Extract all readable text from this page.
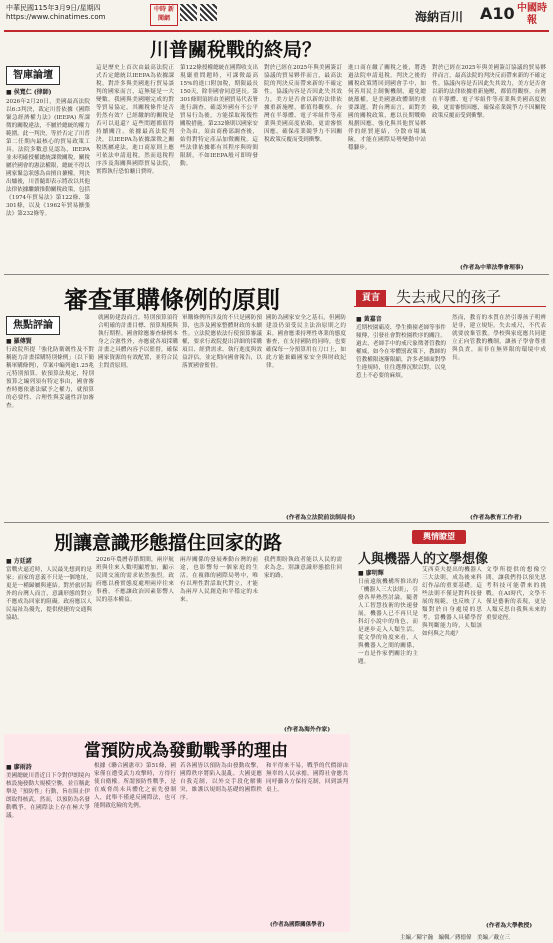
中華民國115年3月9日/星期四
https://www.chinatimes.com
中時 新聞網	海納百川 A10 中國時報
川普關稅戰的終局？
智庫論壇
■ 侯寬仁 (律師)
2026年2月20日，美國最高法院以6:3判決，裁定川普依據《國際緊急經濟權力法》(IEEPA) 所課徵的關稅違法，不屬於總統的權力範圍。此一判決，等於否定了川普第二任期內最核心的貿易政策工具。法院多數意見認為，IEEPA並未明確授權總統課徵關稅，關稅屬於國會的憲法權限，總統不得以國家緊急狀態為由擅自擴權。判決出爐後，川普隨即表示將改以其他法律依據繼續推動關稅政策，包括《1974年貿易法》第122條、第301條，以及《1962年貿易擴張法》第232條等。
這是歷史上首次由最高法院正式否定總統以IEEPA為依據課稅。對許多與美國進行貿易談判的國家而言，這無疑是一大變數。我國與美國剛完成的對等貿易協定，其關稅條件是否仍然有效？已經繳納的關稅是否可以退還？這些問題都值得持續關注。依據最高法院判決，以IEEPA為依據課徵之關稅既屬違法，進口商原則上應可依法申請退稅。然而退稅程序涉及海關與國際貿易法院，實際執行恐怕曠日費時。
第122條授權總統在國際收支出現嚴重問題時，可課徵最高15%的進口附加稅，期限最長150天，除非國會同意延長。第301條則須經由美國貿易代表署進行調查，確認外國有不公平貿易行為後，方能採取報復性關稅措施。第232條則以國家安全為由，須由商務部調查後，始得對特定產品加徵關稅。這些法律依據都有其程序與時間限制，不如IEEPA般可即時發動。
對於已經在2025年與美國簽訂協議的貿易夥伴而言，最高法院的判決反而帶來新的不確定性。協議內容是否因此失其效力，美方是否會以新的法律依據重新施壓，都值得觀察。台灣在半導體、電子零組件等產業與美國高度依賴，更需審慎因應，確保產業競爭力不因關稅政策反覆而受到衝擊。
進口商在繳了關稅之後，將透過法院申請退稅。判決之後的關稅政策將回到國會手中，如何善用民主制衡機制，避免總統濫權，是美國憲政體制的重要課題。對台灣而言，面對美國的關稅政策，應以長期戰略規劃因應，強化與其他貿易夥伴的經貿連結，分散市場風險，才能在國際局勢變動中站穩腳步。
對於已經在2025年與美國簽訂協議的貿易夥伴而言，最高法院的判決反而帶來新的不確定性。協議內容是否因此失其效力，美方是否會以新的法律依據重新施壓，都值得觀察。台灣在半導體、電子零組件等產業與美國高度依賴，更需審慎因應，確保產業競爭力不因關稅政策反覆而受到衝擊。
(作者為中華法學會理事)
審查軍購條例的原則
焦點評論
■ 羅傳賢
行政院所提「強化防衛韌性及不對稱能力計畫採購特別條例」（以下簡稱軍購條例），草案中編列逾1.25兆元特別預算。依預算法規定，特別預算之編列須有特定事由，國會審查時應依憲法賦予之權力，就預算的必要性、合理性與妥適性詳加審查。
就國防建設而言，特別預算須符合明確的計畫目標、預算規模與執行期程。國會除應審查條例本身之合憲性外，亦應就各項採購計畫之具體內容予以監督，確保國家資源的有效配置，並符合民主問責原則。
軍購條例所涉及的不只是國防預算，也涉及國家整體財政的永續性。立法院應依法行使預算審議權，要求行政院提出詳細的採購項目、經費需求、執行進度與效益評估，並定期向國會報告，以落實國會監督。
國防為國家安全之基石，但國防建設仍須受民主法治原則之約束。國會應秉持理性專業的態度審查，在支持國防的同時，也要確保每一分預算用在刀口上，如此方能兼顧國家安全與財政紀律。
(作者為立法院前法制局長)
貢言	失去戒尺的孩子
■ 黃嘉音
近期校園霸凌、學生衝撞老師等事件頻傳，引發社會對校園秩序的關注。過去，老師手中的戒尺象徵著管教的權威，如今在零體罰政策下，教師的管教權限逐漸限縮，許多老師面對學生違規時，往往選擇沉默以對，以免惹上不必要的麻煩。
然而，教育的本質在於引導孩子明辨是非，建立規矩。失去戒尺，不代表就要放棄管教。學校與家庭應共同建立正向管教的機制，讓孩子學會尊重與負責，而非在無界限的環境中成長。
(作者為教育工作者)
別讓意識形態擋住回家的路
■ 方廷諾
當戰火逼近時，人民最先想到的是家；而家的意義不只是一個地址，更是一種歸屬與連結。對於旅居海外的台灣人而言，意識形態的對立不應成為回家的阻礙。政府應以人民福祉為優先，提供便捷的交通與協助。
2026年農曆春節期間，兩岸航班與往來人數明顯增加，顯示民間交流的需求依然強烈。政府應以務實態度處理兩岸往來事務，不應讓政治因素影響人民的基本權益。
兩岸關係的發展牽動台灣的前途，也影響每一個家庭的生活。在複雜的國際局勢中，唯有以理性對話取代對立，才能為兩岸人民創造和平穩定的未來。
我們期盼執政者能以人民的需求為念，別讓意識形態擋住回家的路。
(作者為海外作家)
輿情瞭望
人與機器人的文學想像
■ 廖明輝
日前遠航機構所推出的「機器人三大法則」，引發各界熱烈討論。隨著人工智慧技術的快速發展，機器人已不再只是科幻小說中的角色，而是逐步走入人類生活。從文學的角度來看，人與機器人之間的關係，一直是作家們關注的主題。
艾西莫夫提出的機器人三大法則，成為後來科幻作品的重要基礎。這些法則不僅是對科技發展的規範，也反映了人類對於自身處境的思考。當機器人具備學習與判斷能力時，人類該如何與之共處？
文學所提供的想像空間，讓我們得以預先思考科技可能帶來的挑戰。在AI時代，文學不僅是藝術的表現，更是人類反思自我與未來的重要途徑。
(作者為大學教授)
當預防成為發動戰爭的理由
■ 廖雨詩
美國總統川普近日下令對伊朗境內核設施發動大規模空襲，並宣稱此舉是「預防性」行動，旨在阻止伊朗取得核武。然而，以預防為名發動戰爭，在國際法上存在極大爭議。
根據《聯合國憲章》第51條，國家僅在遭受武力攻擊時，方得行使自衛權。所謂預防性戰爭，是在威脅尚未具體化之前先發制人，此舉不僅違反國際法，也可能開啟危險的先例。
若各國皆以預防為由發動攻擊，國際秩序將陷入混亂。大國更應自我克制，以外交手段化解衝突，維護以規則為基礎的國際秩序。
和平得來不易，戰爭的代價卻由無辜的人民承擔。國際社會應共同呼籲各方保持克制，回到談判桌上。
(作者為國際關係學者)
主編／陳宇瀚　編輯／蔣德偉　美編／戴立三
